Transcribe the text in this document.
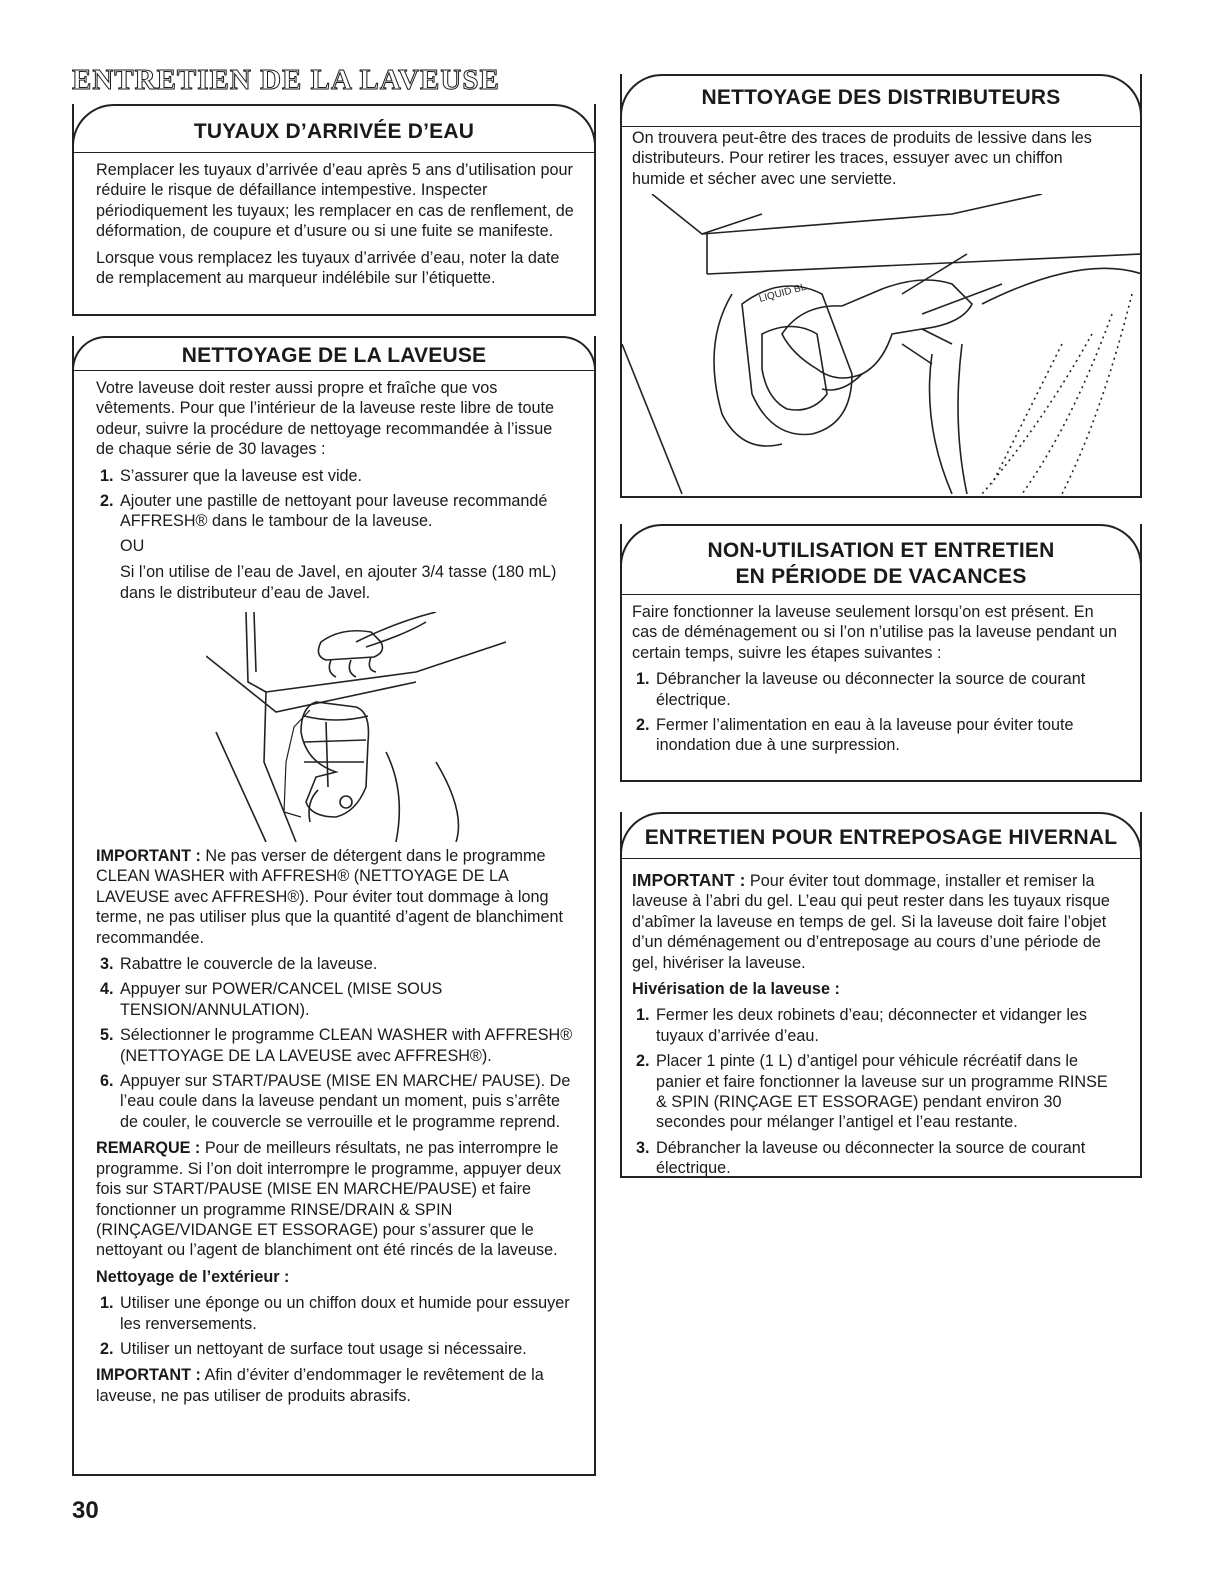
ENTRETIEN DE LA LAVEUSE
TUYAUX D’ARRIVÉE D’EAU

Remplacer les tuyaux d’arrivée d’eau après 5 ans d’utilisation pour réduire le risque de défaillance intempestive. Inspecter périodiquement les tuyaux; les remplacer en cas de renflement, de déformation, de coupure et d’usure ou si une fuite se manifeste.

Lorsque vous remplacez les tuyaux d’arrivée d’eau, noter la date de remplacement au marqueur indélébile sur l’étiquette.

NETTOYAGE DE LA LAVEUSE

Votre laveuse doit rester aussi propre et fraîche que vos vêtements. Pour que l’intérieur de la laveuse reste libre de toute odeur, suivre la procédure de nettoyage recommandée à l’issue de chaque série de 30 lavages :

1. S’assurer que la laveuse est vide.
2. Ajouter une pastille de nettoyant pour laveuse recommandé AFFRESH® dans le tambour de la laveuse.

OU

Si l’on utilise de l’eau de Javel, en ajouter 3/4 tasse (180 mL) dans le distributeur d’eau de Javel.

IMPORTANT : Ne pas verser de détergent dans le programme CLEAN WASHER with AFFRESH® (NETTOYAGE DE LA LAVEUSE avec AFFRESH®). Pour éviter tout dommage à long terme, ne pas utiliser plus que la quantité d’agent de blanchiment recommandée.

3. Rabattre le couvercle de la laveuse.
4. Appuyer sur POWER/CANCEL (MISE SOUS TENSION/ANNULATION).
5. Sélectionner le programme CLEAN WASHER with AFFRESH® (NETTOYAGE DE LA LAVEUSE avec AFFRESH®).
6. Appuyer sur START/PAUSE (MISE EN MARCHE/ PAUSE). De l’eau coule dans la laveuse pendant un moment, puis s’arrête de couler, le couvercle se verrouille et le programme reprend.

REMARQUE : Pour de meilleurs résultats, ne pas interrompre le programme. Si l’on doit interrompre le programme, appuyer deux fois sur START/PAUSE (MISE EN MARCHE/PAUSE) et faire fonctionner un programme RINSE/DRAIN & SPIN (RINÇAGE/VIDANGE ET ESSORAGE) pour s’assurer que le nettoyant ou l’agent de blanchiment ont été rincés de la laveuse.

Nettoyage de l’extérieur :

1. Utiliser une éponge ou un chiffon doux et humide pour essuyer les renversements.
2. Utiliser un nettoyant de surface tout usage si nécessaire.

IMPORTANT : Afin d’éviter d’endommager le revêtement de la laveuse, ne pas utiliser de produits abrasifs.

NETTOYAGE DES DISTRIBUTEURS

On trouvera peut-être des traces de produits de lessive dans les distributeurs. Pour retirer les traces, essuyer avec un chiffon humide et sécher avec une serviette.

LIQUID BL
NON-UTILISATION ET ENTRETIEN
EN PÉRIODE DE VACANCES

Faire fonctionner la laveuse seulement lorsqu’on est présent. En cas de déménagement ou si l’on n’utilise pas la laveuse pendant un certain temps, suivre les étapes suivantes :

1. Débrancher la laveuse ou déconnecter la source de courant électrique.
2. Fermer l’alimentation en eau à la laveuse pour éviter toute inondation due à une surpression.
ENTRETIEN POUR ENTREPOSAGE HIVERNAL

IMPORTANT : Pour éviter tout dommage, installer et remiser la laveuse à l’abri du gel. L’eau qui peut rester dans les tuyaux risque d’abîmer la laveuse en temps de gel. Si la laveuse doit faire l’objet d’un déménagement ou d’entreposage au cours d’une période de gel, hivériser la laveuse.

Hivérisation de la laveuse :

1. Fermer les deux robinets d’eau; déconnecter et vidanger les tuyaux d’arrivée d’eau.
2. Placer 1 pinte (1 L) d’antigel pour véhicule récréatif dans le panier et faire fonctionner la laveuse sur un programme RINSE & SPIN (RINÇAGE ET ESSORAGE) pendant environ 30 secondes pour mélanger l’antigel et l’eau restante.
3. Débrancher la laveuse ou déconnecter la source de courant électrique.
30
